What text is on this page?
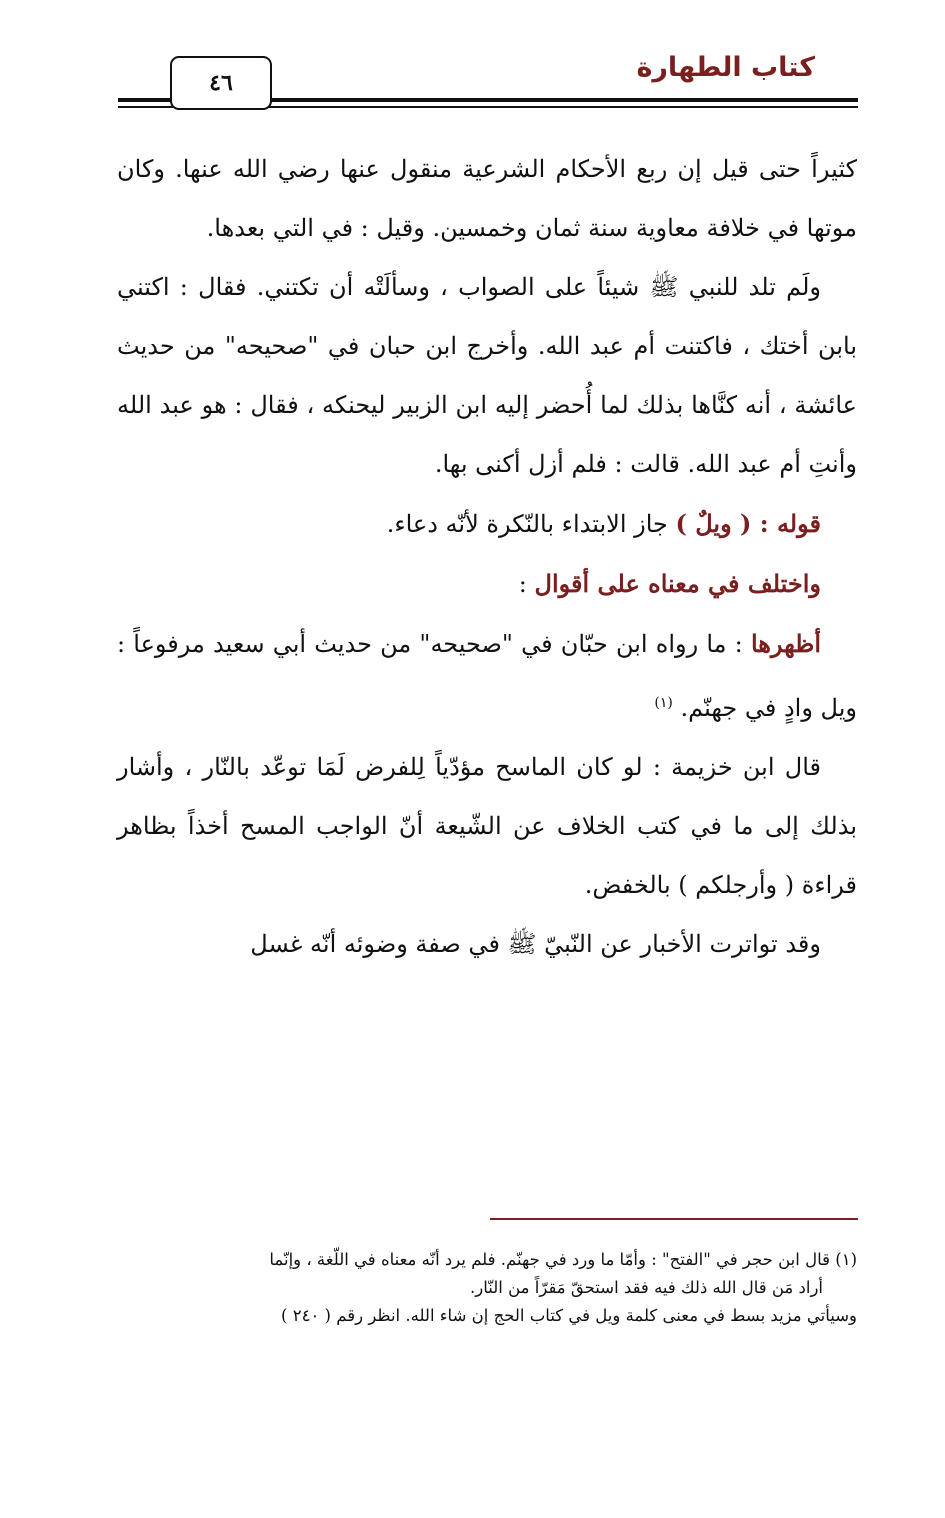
كتاب الطهارة
٤٦

كثيراً حتى قيل إن ربع الأحكام الشرعية منقول عنها رضي الله عنها. وكان موتها في خلافة معاوية سنة ثمان وخمسين. وقيل : في التي بعدها.

ولَم تلد للنبي ﷺ شيئاً على الصواب ، وسألَتْه أن تكتني. فقال : اكتني بابن أختك ، فاكتنت أم عبد الله. وأخرج ابن حبان في "صحيحه" من حديث عائشة ، أنه كنَّاها بذلك لما أُحضر إليه ابن الزبير ليحنكه ، فقال : هو عبد الله وأنتِ أم عبد الله. قالت : فلم أزل أكنى بها.

قوله : ( ويلٌ ) جاز الابتداء بالنّكرة لأنّه دعاء.

واختلف في معناه على أقوال :

أظهرها : ما رواه ابن حبّان في "صحيحه" من حديث أبي سعيد مرفوعاً : ويل وادٍ في جهنّم. $^{(١)}$

قال ابن خزيمة : لو كان الماسح مؤدّياً لِلفرض لَمَا توعّد بالنّار ، وأشار بذلك إلى ما في كتب الخلاف عن الشّيعة أنّ الواجب المسح أخذاً بظاهر قراءة ( وأرجلكم ) بالخفض.

وقد تواترت الأخبار عن النّبيّ ﷺ في صفة وضوئه أنّه غسل

(١) قال ابن حجر في "الفتح" : وأمّا ما ورد في جهنّم. فلم يرد أنّه معناه في اللّغة ، وإنّما

أراد مَن قال الله ذلك فيه فقد استحقّ مَقرّاً من النّار.

وسيأتي مزيد بسط في معنى كلمة ويل في كتاب الحج إن شاء الله. انظر رقم ( ٢٤٠ )
